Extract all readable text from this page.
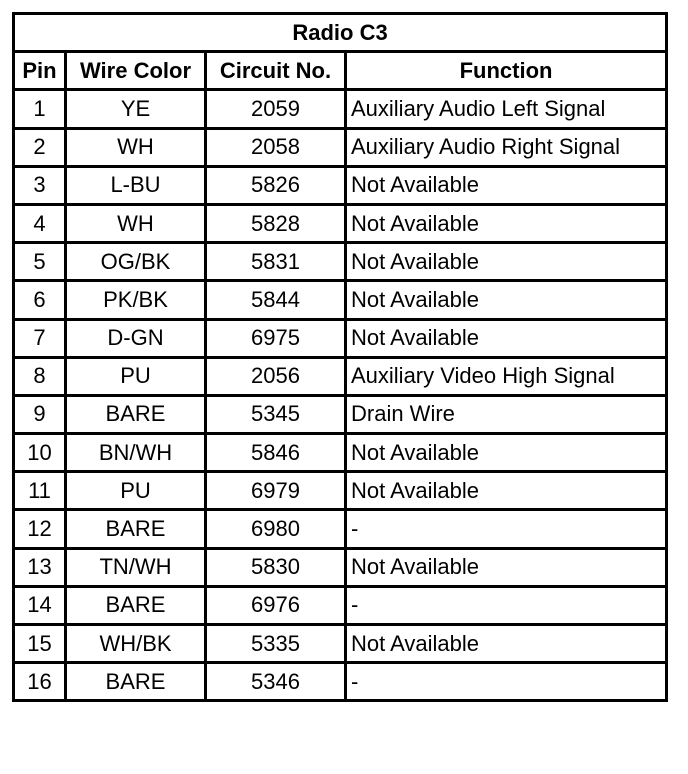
Radio C3			
Pin	Wire Color	Circuit No.	Function
1	YE	2059	Auxiliary Audio Left Signal
2	WH	2058	Auxiliary Audio Right Signal
3	L-BU	5826	Not Available
4	WH	5828	Not Available
5	OG/BK	5831	Not Available
6	PK/BK	5844	Not Available
7	D-GN	6975	Not Available
8	PU	2056	Auxiliary Video High Signal
9	BARE	5345	Drain Wire
10	BN/WH	5846	Not Available
11	PU	6979	Not Available
12	BARE	6980	-
13	TN/WH	5830	Not Available
14	BARE	6976	-
15	WH/BK	5335	Not Available
16	BARE	5346	-
